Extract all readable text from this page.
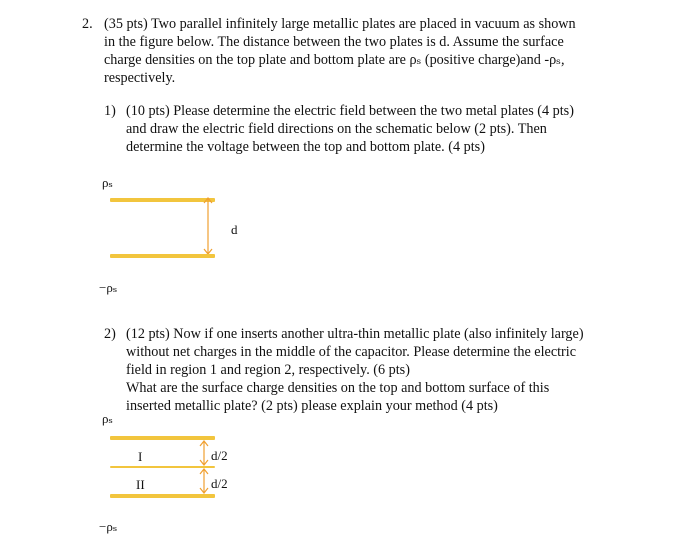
2. (35 pts) Two parallel infinitely large metallic plates are placed in vacuum as shown
in the figure below. The distance between the two plates is d. Assume the surface
charge densities on the top plate and bottom plate are ρₛ (positive charge)and -ρₛ,
respectively.
1) (10 pts) Please determine the electric field between the two metal plates (4 pts)
and draw the electric field directions on the schematic below (2 pts). Then
determine the voltage between the top and bottom plate. (4 pts)
ρₛ
d
−ρₛ
2) (12 pts) Now if one inserts another ultra-thin metallic plate (also infinitely large)
without net charges in the middle of the capacitor. Please determine the electric
field in region 1 and region 2, respectively. (6 pts)
What are the surface charge densities on the top and bottom surface of this
inserted metallic plate? (2 pts) please explain your method (4 pts)
ρₛ
I	d/2
II	d/2
−ρₛ
